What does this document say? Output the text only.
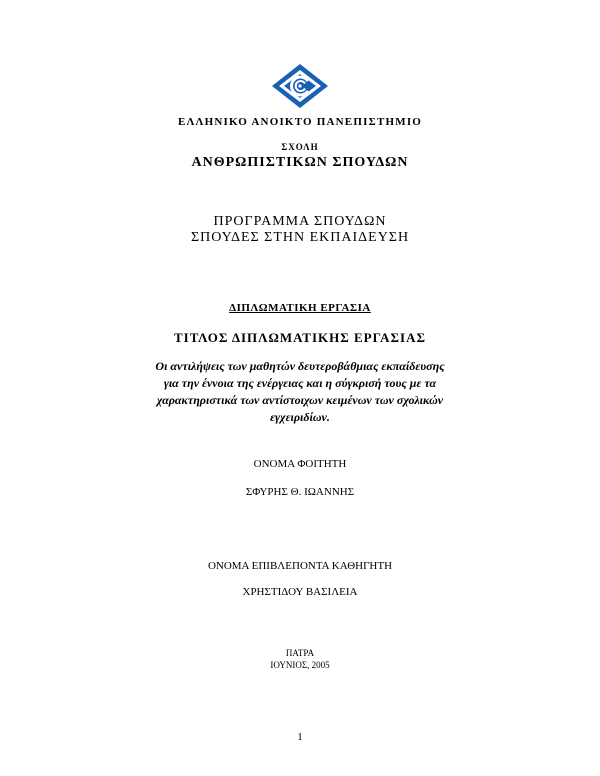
ΕΛΛΗΝΙΚΟ ΑΝΟΙΚΤΟ ΠΑΝΕΠΙΣΤΗΜΙΟ
ΣΧΟΛΗ
ΑΝΘΡΩΠΙΣΤΙΚΩΝ ΣΠΟΥΔΩΝ
ΠΡΟΓΡΑΜΜΑ ΣΠΟΥΔΩΝ
ΣΠΟΥΔΕΣ ΣΤΗΝ ΕΚΠΑΙΔΕΥΣΗ
ΔΙΠΛΩΜΑΤΙΚΗ ΕΡΓΑΣΙΑ
ΤΙΤΛΟΣ ΔΙΠΛΩΜΑΤΙΚΗΣ ΕΡΓΑΣΙΑΣ
Οι αντιλήψεις των μαθητών δευτεροβάθμιας εκπαίδευσης
για την έννοια της ενέργειας και η σύγκρισή τους με τα
χαρακτηριστικά των αντίστοιχων κειμένων των σχολικών
εγχειριδίων.
ΟΝΟΜΑ ΦΟΙΤΗΤΗ
ΣΦΥΡΗΣ Θ. ΙΩΑΝΝΗΣ
ΟΝΟΜΑ ΕΠΙΒΛΕΠΟΝΤΑ ΚΑΘΗΓΗΤΗ
ΧΡΗΣΤΙΔΟΥ ΒΑΣΙΛΕΙΑ
ΠΑΤΡΑ
ΙΟΥΝΙΟΣ, 2005
1
